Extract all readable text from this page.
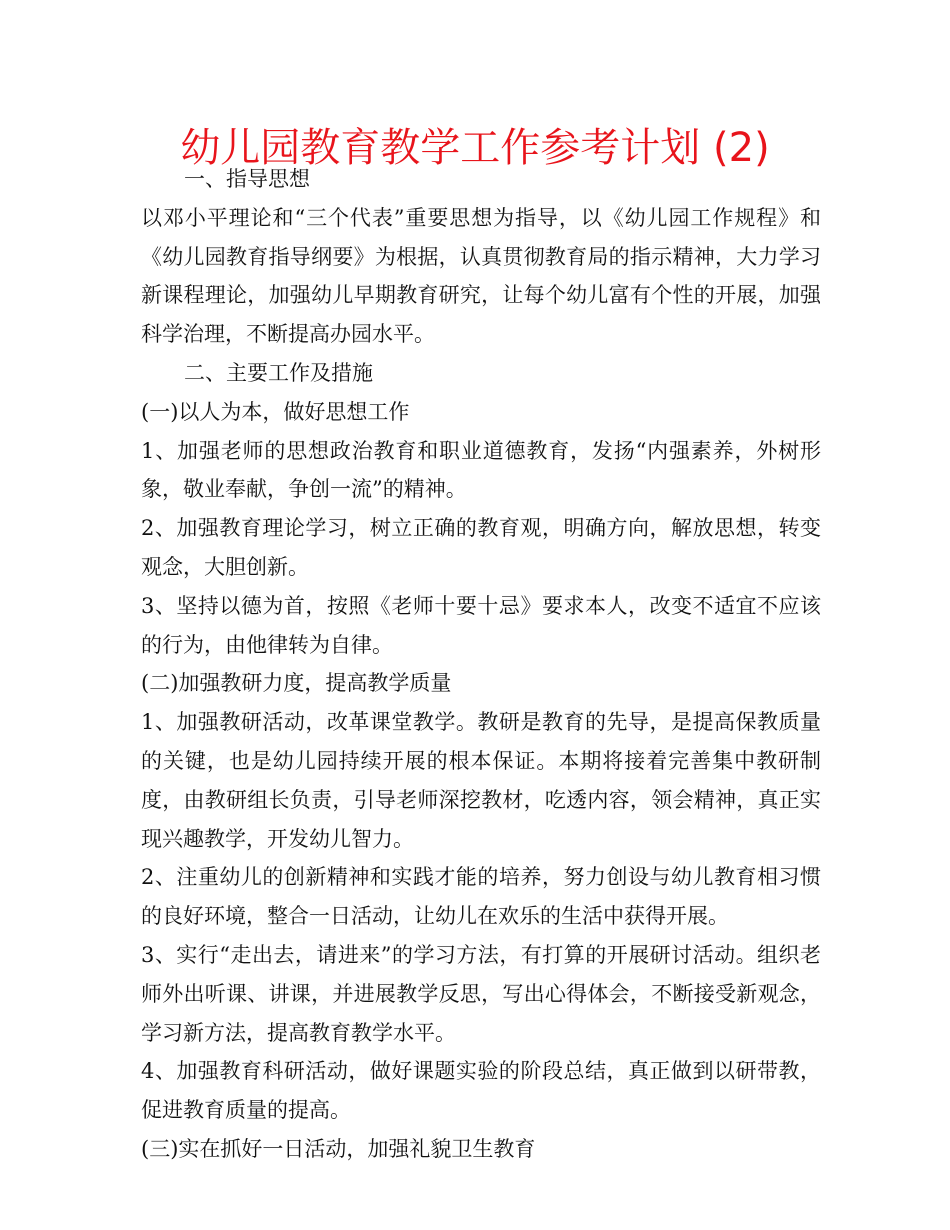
幼儿园教育教学工作参考计划 (2)

一、指导思想

以邓小平理论和“三个代表”重要思想为指导，以《幼儿园工作规程》和《幼儿园教育指导纲要》为根据，认真贯彻教育局的指示精神，大力学习新课程理论，加强幼儿早期教育研究，让每个幼儿富有个性的开展，加强科学治理，不断提高办园水平。

二、主要工作及措施

(一)以人为本，做好思想工作

1、加强老师的思想政治教育和职业道德教育，发扬“内强素养，外树形象，敬业奉献，争创一流”的精神。

2、加强教育理论学习，树立正确的教育观，明确方向，解放思想，转变观念，大胆创新。

3、坚持以德为首，按照《老师十要十忌》要求本人，改变不适宜不应该的行为，由他律转为自律。

(二)加强教研力度，提高教学质量

1、加强教研活动，改革课堂教学。教研是教育的先导，是提高保教质量的关键，也是幼儿园持续开展的根本保证。本期将接着完善集中教研制度，由教研组长负责，引导老师深挖教材，吃透内容，领会精神，真正实现兴趣教学，开发幼儿智力。

2、注重幼儿的创新精神和实践才能的培养，努力创设与幼儿教育相习惯的良好环境，整合一日活动，让幼儿在欢乐的生活中获得开展。

3、实行“走出去，请进来”的学习方法，有打算的开展研讨活动。组织老师外出听课、讲课，并进展教学反思，写出心得体会，不断接受新观念，学习新方法，提高教育教学水平。

4、加强教育科研活动，做好课题实验的阶段总结，真正做到以研带教，促进教育质量的提高。

(三)实在抓好一日活动，加强礼貌卫生教育
